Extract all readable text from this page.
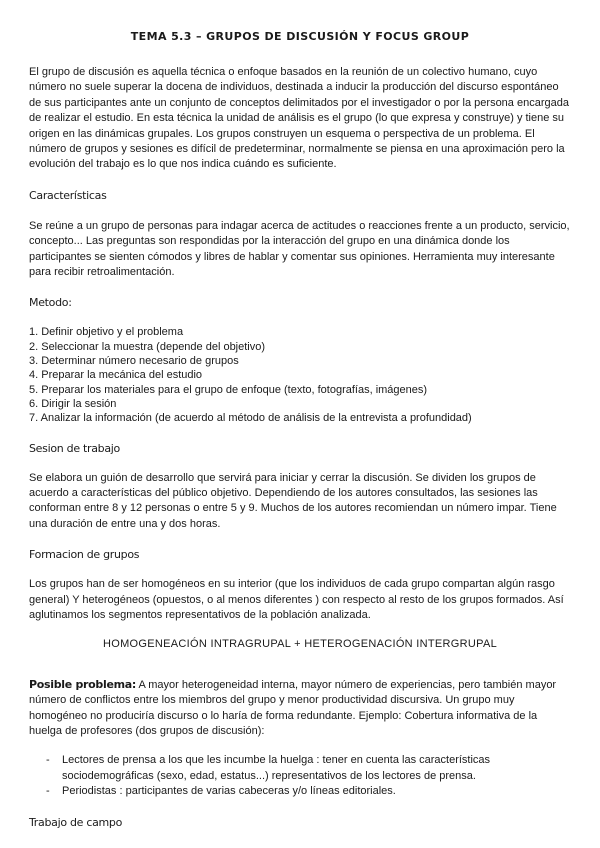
TEMA 5.3 – GRUPOS DE DISCUSIÓN Y FOCUS GROUP

El grupo de discusión es aquella técnica o enfoque basados en la reunión de un colectivo humano, cuyo número no suele superar la docena de individuos, destinada a inducir la producción del discurso espontáneo de sus participantes ante un conjunto de conceptos delimitados por el investigador o por la persona encargada de realizar el estudio. En esta técnica la unidad de análisis es el grupo (lo que expresa y construye) y tiene su origen en las dinámicas grupales. Los grupos construyen un esquema o perspectiva de un problema. El número de grupos y sesiones es difícil de predeterminar, normalmente se piensa en una aproximación pero la evolución del trabajo es lo que nos indica cuándo es suficiente.

Características

Se reúne a un grupo de personas para indagar acerca de actitudes o reacciones frente a un producto, servicio, concepto... Las preguntas son respondidas por la interacción del grupo en una dinámica donde los participantes se sienten cómodos y libres de hablar y comentar sus opiniones. Herramienta muy interesante para recibir retroalimentación.

Metodo:
1. Definir objetivo y el problema
2. Seleccionar la muestra (depende del objetivo)
3. Determinar número necesario de grupos
4. Preparar la mecánica del estudio
5. Preparar los materiales para el grupo de enfoque (texto, fotografías, imágenes)
6. Dirigir la sesión
7. Analizar la información (de acuerdo al método de análisis de la entrevista a profundidad)
Sesion de trabajo

Se elabora un guión de desarrollo que servirá para iniciar y cerrar la discusión. Se dividen los grupos de acuerdo a características del público objetivo. Dependiendo de los autores consultados, las sesiones las conforman entre 8 y 12 personas o entre 5 y 9. Muchos de los autores recomiendan un número impar. Tiene una duración de entre una y dos horas.

Formacion de grupos

Los grupos han de ser homogéneos en su interior (que los individuos de cada grupo compartan algún rasgo general) Y heterogéneos (opuestos, o al menos diferentes ) con respecto al resto de los grupos formados. Así aglutinamos los segmentos representativos de la población analizada.

HOMOGENEACIÓN INTRAGRUPAL + HETEROGENACIÓN INTERGRUPAL

Posible problema: A mayor heterogeneidad interna, mayor número de experiencias, pero también mayor número de conflictos entre los miembros del grupo y menor productividad discursiva. Un grupo muy homogéneo no produciría discurso o lo haría de forma redundante. Ejemplo: Cobertura informativa de la huelga de profesores (dos grupos de discusión):

- Lectores de prensa a los que les incumbe la huelga : tener en cuenta las características sociodemográficas (sexo, edad, estatus...) representativos de los lectores de prensa.
- Periodistas : participantes de varias cabeceras y/o líneas editoriales.
Trabajo de campo
